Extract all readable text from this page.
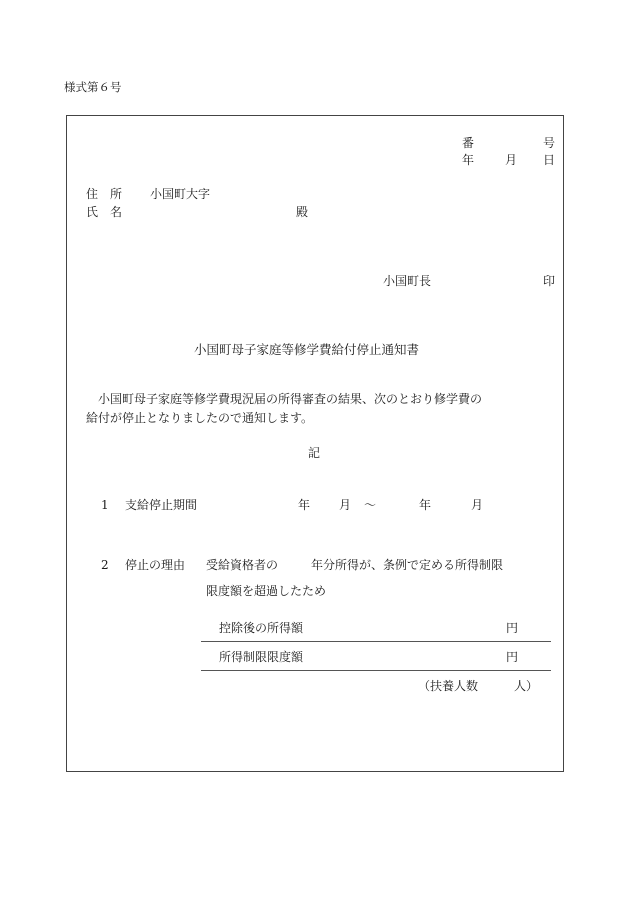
様式第６号
番	号
年	月 日
住　所 小国町大字
氏　名	殿
小国町長	印
小国町母子家庭等修学費給付停止通知書
　小国町母子家庭等修学費現況届の所得審査の結果、次のとおり修学費の
給付が停止となりましたので通知します。
記
1 支給停止期間	年 月 ～	年	月
2 停止の理由 受給資格者の	年分所得が、条例で定める所得制限
限度額を超過したため
控除後の所得額	円
所得制限限度額	円
（扶養人数　　　人）
